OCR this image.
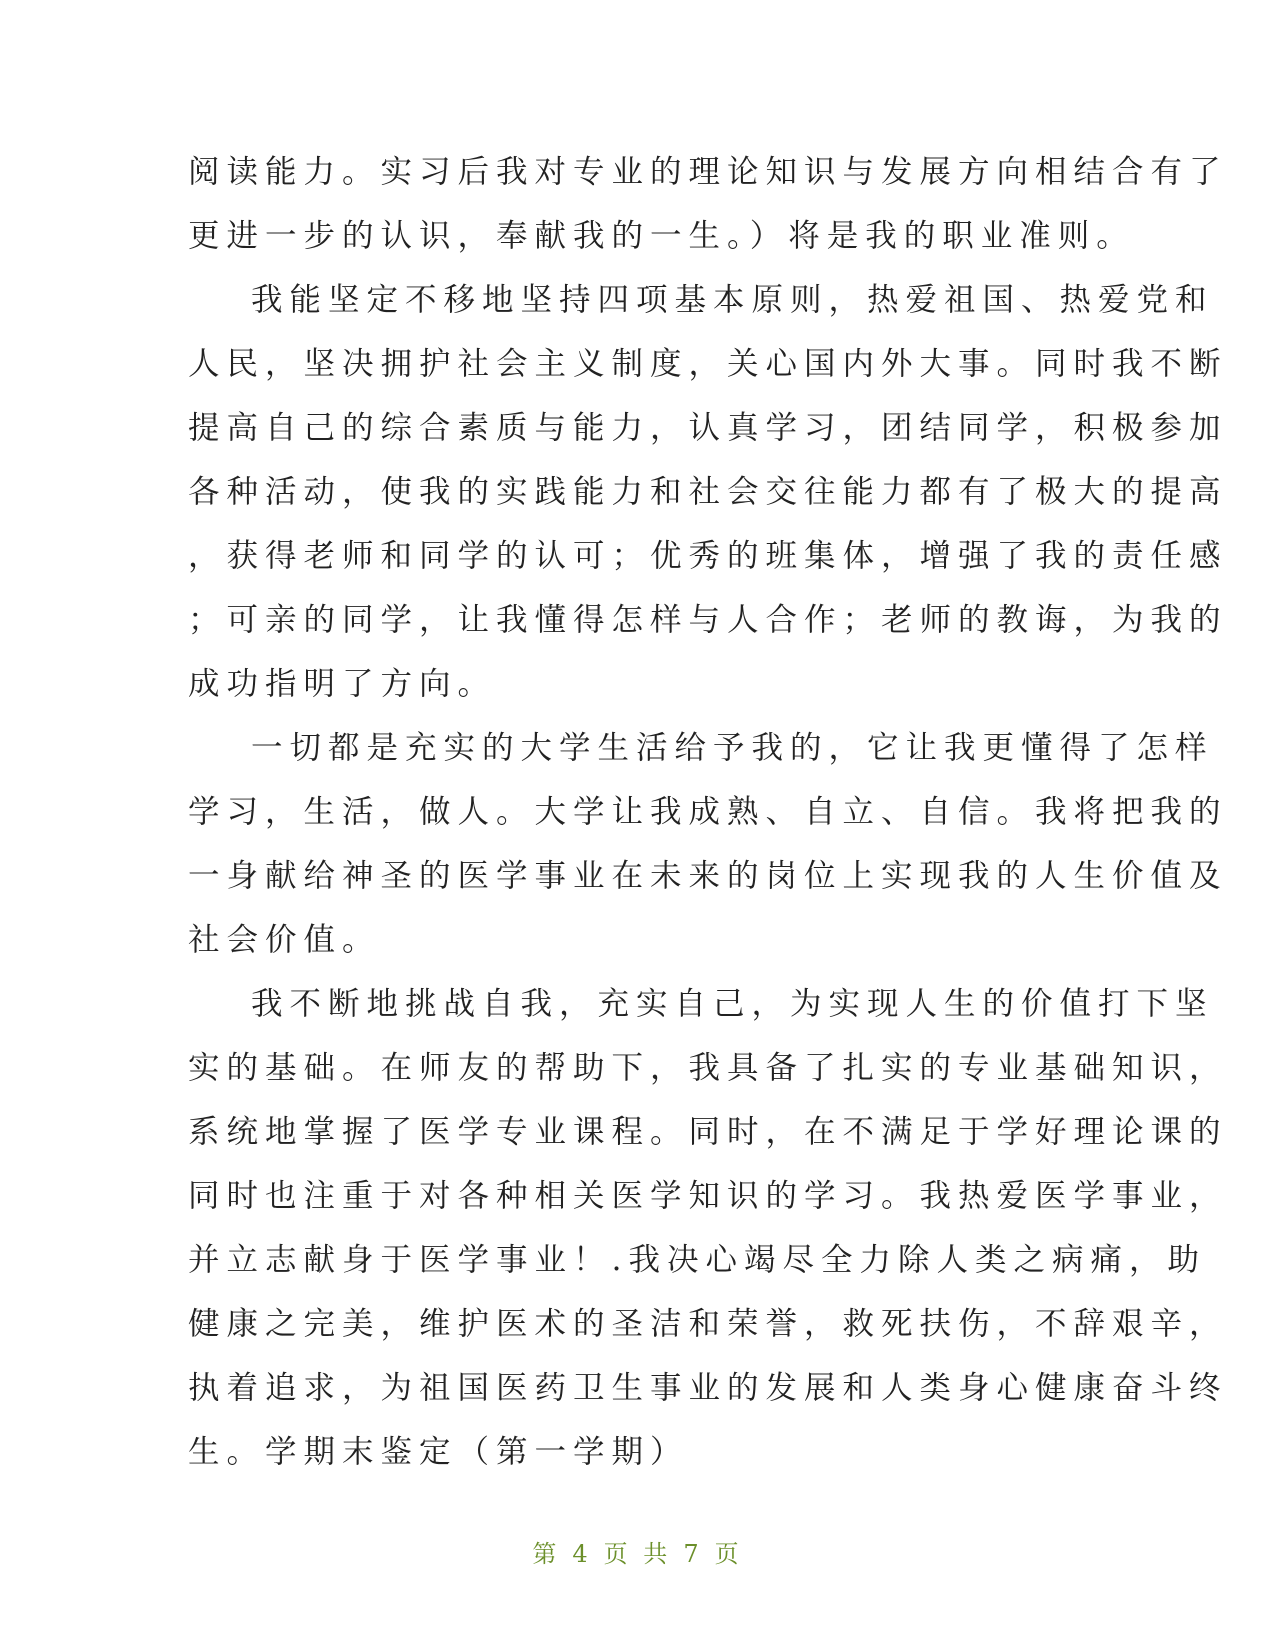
阅读能力。实习后我对专业的理论知识与发展方向相结合有了
更进一步的认识，奉献我的一生。）将是我的职业准则。
我能坚定不移地坚持四项基本原则，热爱祖国、热爱党和
人民，坚决拥护社会主义制度，关心国内外大事。同时我不断
提高自己的综合素质与能力，认真学习，团结同学，积极参加
各种活动，使我的实践能力和社会交往能力都有了极大的提高
，获得老师和同学的认可；优秀的班集体，增强了我的责任感
；可亲的同学，让我懂得怎样与人合作；老师的教诲，为我的
成功指明了方向。
一切都是充实的大学生活给予我的，它让我更懂得了怎样
学习，生活，做人。大学让我成熟、自立、自信。我将把我的
一身献给神圣的医学事业在未来的岗位上实现我的人生价值及
社会价值。
我不断地挑战自我，充实自己，为实现人生的价值打下坚
实的基础。在师友的帮助下，我具备了扎实的专业基础知识，
系统地掌握了医学专业课程。同时，在不满足于学好理论课的
同时也注重于对各种相关医学知识的学习。我热爱医学事业，
并立志献身于医学事业！.我决心竭尽全力除人类之病痛，助
健康之完美，维护医术的圣洁和荣誉，救死扶伤，不辞艰辛，
执着追求，为祖国医药卫生事业的发展和人类身心健康奋斗终
生。学期末鉴定（第一学期）
第 4 页 共 7 页
